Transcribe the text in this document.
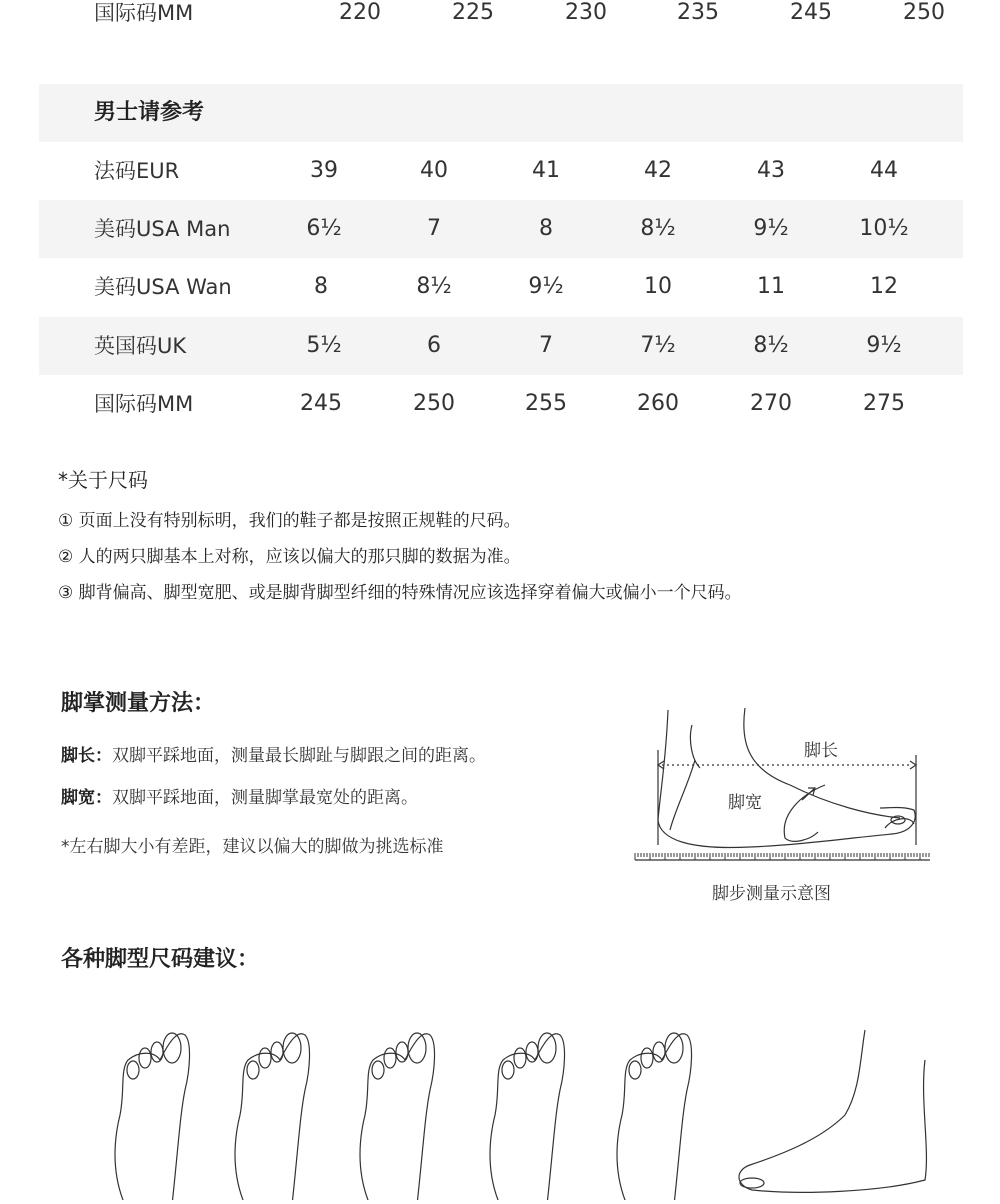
国际码MM	220	225	230	235	245	250
男士请参考
法码EUR	39	40	41	42	43	44
美码USA Man	6½	7	8	8½	9½	10½
美码USA Wan	8	8½	9½	10	11	12
英国码UK	5½	6	7	7½	8½	9½
国际码MM	245	250	255	260	270	275
*关于尺码
① 页面上没有特别标明，我们的鞋子都是按照正规鞋的尺码。
② 人的两只脚基本上对称，应该以偏大的那只脚的数据为准。
③ 脚背偏高、脚型宽肥、或是脚背脚型纤细的特殊情况应该选择穿着偏大或偏小一个尺码。
脚掌测量方法：
脚长：双脚平踩地面，测量最长脚趾与脚跟之间的距离。
脚宽：双脚平踩地面，测量脚掌最宽处的距离。
*左右脚大小有差距，建议以偏大的脚做为挑选标准
脚长
脚宽
脚步测量示意图
各种脚型尺码建议：
